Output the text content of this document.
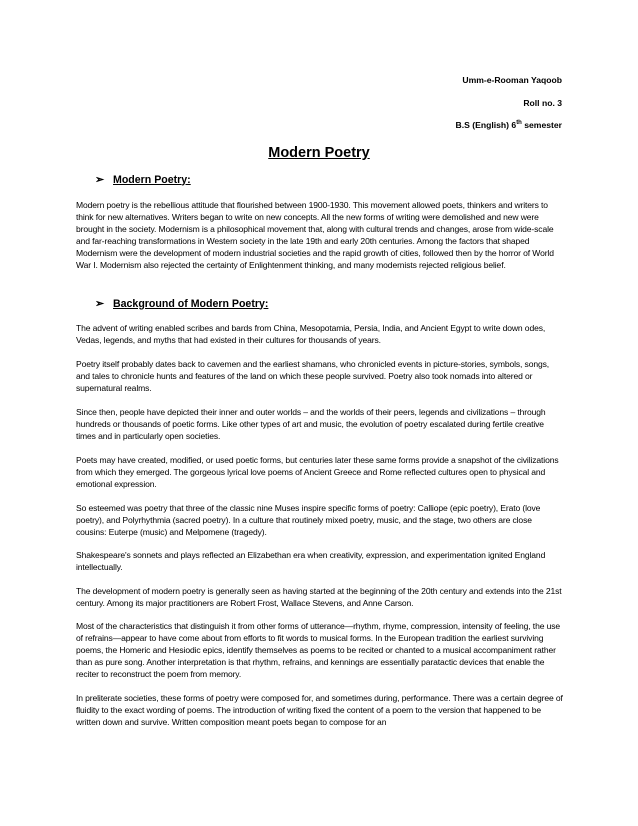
Umm-e-Rooman Yaqoob
Roll no. 3
B.S (English) 6th semester
Modern Poetry
➢ Modern Poetry:

Modern poetry is the rebellious attitude that flourished between 1900-1930. This movement allowed poets, thinkers and writers to think for new alternatives. Writers began to write on new concepts. All the new forms of writing were demolished and new were brought in the society. Modernism is a philosophical movement that, along with cultural trends and changes, arose from wide-scale and far-reaching transformations in Western society in the late 19th and early 20th centuries. Among the factors that shaped Modernism were the development of modern industrial societies and the rapid growth of cities, followed then by the horror of World War I. Modernism also rejected the certainty of Enlightenment thinking, and many modernists rejected religious belief.

➢ Background of Modern Poetry:

The advent of writing enabled scribes and bards from China, Mesopotamia, Persia, India, and Ancient Egypt to write down odes, Vedas, legends, and myths that had existed in their cultures for thousands of years.

Poetry itself probably dates back to cavemen and the earliest shamans, who chronicled events in picture-stories, symbols, songs, and tales to chronicle hunts and features of the land on which these people survived. Poetry also took nomads into altered or supernatural realms.

Since then, people have depicted their inner and outer worlds – and the worlds of their peers, legends and civilizations – through hundreds or thousands of poetic forms. Like other types of art and music, the evolution of poetry escalated during fertile creative times and in particularly open societies.

Poets may have created, modified, or used poetic forms, but centuries later these same forms provide a snapshot of the civilizations from which they emerged. The gorgeous lyrical love poems of Ancient Greece and Rome reflected cultures open to physical and emotional expression.

So esteemed was poetry that three of the classic nine Muses inspire specific forms of poetry: Calliope (epic poetry), Erato (love poetry), and Polyrhythmia (sacred poetry). In a culture that routinely mixed poetry, music, and the stage, two others are close cousins: Euterpe (music) and Melpomene (tragedy).

Shakespeare's sonnets and plays reflected an Elizabethan era when creativity, expression, and experimentation ignited England intellectually.

The development of modern poetry is generally seen as having started at the beginning of the 20th century and extends into the 21st century. Among its major practitioners are Robert Frost, Wallace Stevens, and Anne Carson.

Most of the characteristics that distinguish it from other forms of utterance—rhythm, rhyme, compression, intensity of feeling, the use of refrains—appear to have come about from efforts to fit words to musical forms. In the European tradition the earliest surviving poems, the Homeric and Hesiodic epics, identify themselves as poems to be recited or chanted to a musical accompaniment rather than as pure song. Another interpretation is that rhythm, refrains, and kennings are essentially paratactic devices that enable the reciter to reconstruct the poem from memory.

In preliterate societies, these forms of poetry were composed for, and sometimes during, performance. There was a certain degree of fluidity to the exact wording of poems. The introduction of writing fixed the content of a poem to the version that happened to be written down and survive. Written composition meant poets began to compose for an
